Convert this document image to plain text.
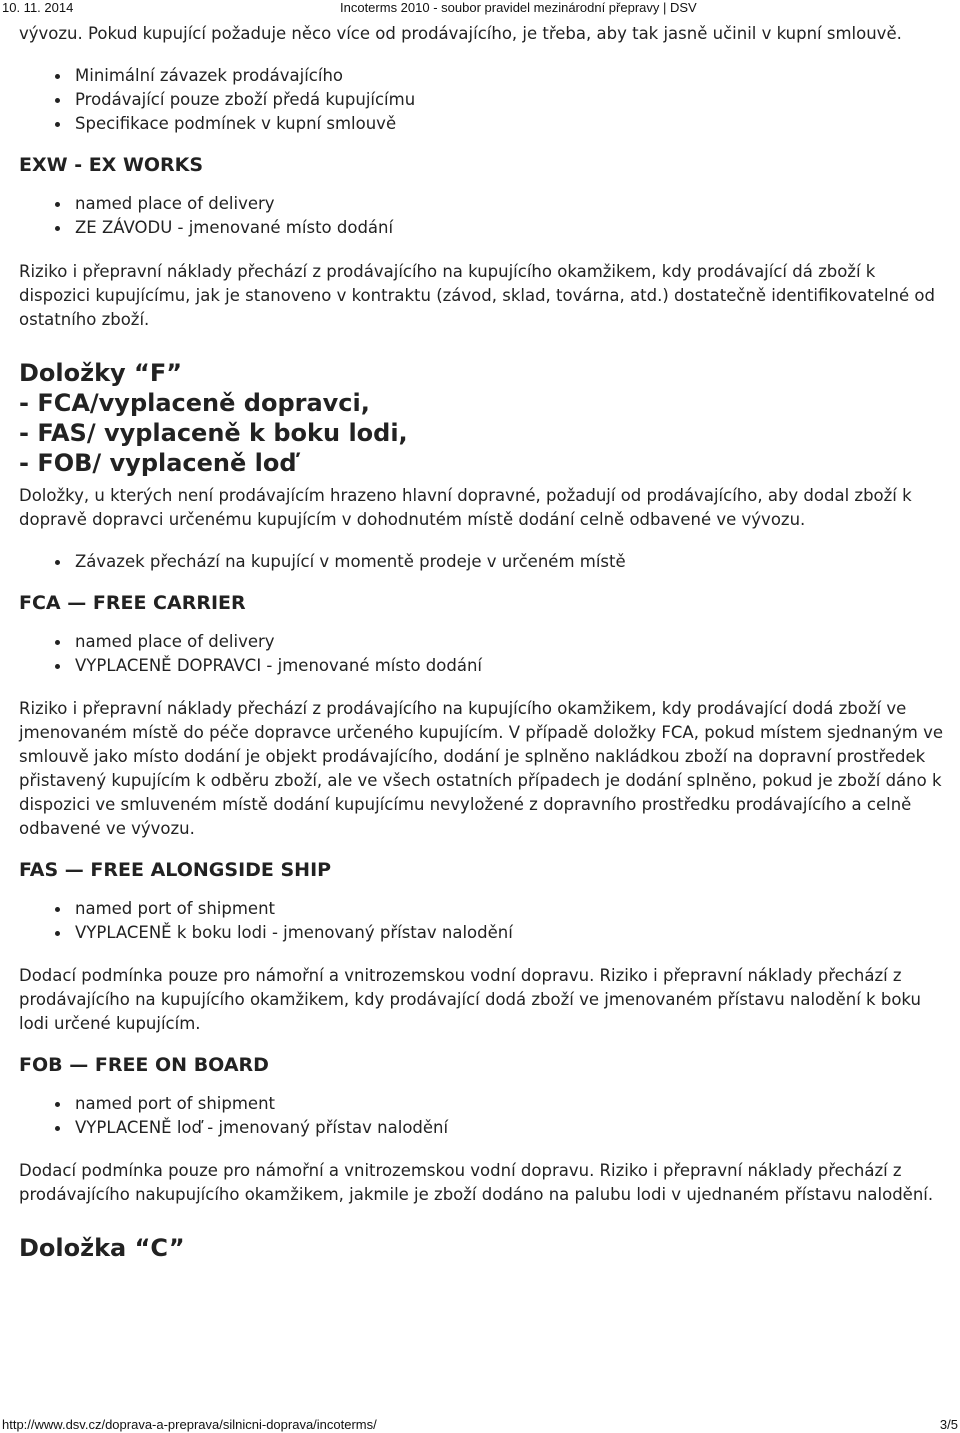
10. 11. 2014	Incoterms 2010 - soubor pravidel mezinárodní přepravy | DSV

vývozu. Pokud kupující požaduje něco více od prodávajícího, je třeba, aby tak jasně učinil v kupní smlouvě.

Minimální závazek prodávajícího
Prodávající pouze zboží předá kupujícímu
Specifikace podmínek v kupní smlouvě
EXW - EX WORKS
named place of delivery
ZE ZÁVODU - jmenované místo dodání

Riziko i přepravní náklady přechází z prodávajícího na kupujícího okamžikem, kdy prodávající dá zboží k dispozici kupujícímu, jak je stanoveno v kontraktu (závod, sklad, továrna, atd.) dostatečně identifikovatelné od ostatního zboží.

Doložky “F”
- FCA/vyplaceně dopravci,
- FAS/ vyplaceně k boku lodi,
- FOB/ vyplaceně loď

Doložky, u kterých není prodávajícím hrazeno hlavní dopravné, požadují od prodávajícího, aby dodal zboží k dopravě dopravci určenému kupujícím v dohodnutém místě dodání celně odbavené ve vývozu.

Závazek přechází na kupující v momentě prodeje v určeném místě
FCA — FREE CARRIER
named place of delivery
VYPLACENĚ DOPRAVCI - jmenované místo dodání

Riziko i přepravní náklady přechází z prodávajícího na kupujícího okamžikem, kdy prodávající dodá zboží ve jmenovaném místě do péče dopravce určeného kupujícím. V případě doložky FCA, pokud místem sjednaným ve smlouvě jako místo dodání je objekt prodávajícího, dodání je splněno nakládkou zboží na dopravní prostředek přistavený kupujícím k odběru zboží, ale ve všech ostatních případech je dodání splněno, pokud je zboží dáno k dispozici ve smluveném místě dodání kupujícímu nevyložené z dopravního prostředku prodávajícího a celně odbavené ve vývozu.

FAS — FREE ALONGSIDE SHIP
named port of shipment
VYPLACENĚ k boku lodi - jmenovaný přístav nalodění

Dodací podmínka pouze pro námořní a vnitrozemskou vodní dopravu. Riziko i přepravní náklady přechází z prodávajícího na kupujícího okamžikem, kdy prodávající dodá zboží ve jmenovaném přístavu nalodění k boku lodi určené kupujícím.

FOB — FREE ON BOARD
named port of shipment
VYPLACENĚ loď - jmenovaný přístav nalodění

Dodací podmínka pouze pro námořní a vnitrozemskou vodní dopravu. Riziko i přepravní náklady přechází z prodávajícího nakupujícího okamžikem, jakmile je zboží dodáno na palubu lodi v ujednaném přístavu nalodění.

Doložka “C”
http://www.dsv.cz/doprava-a-preprava/silnicni-doprava/incoterms/	3/5
